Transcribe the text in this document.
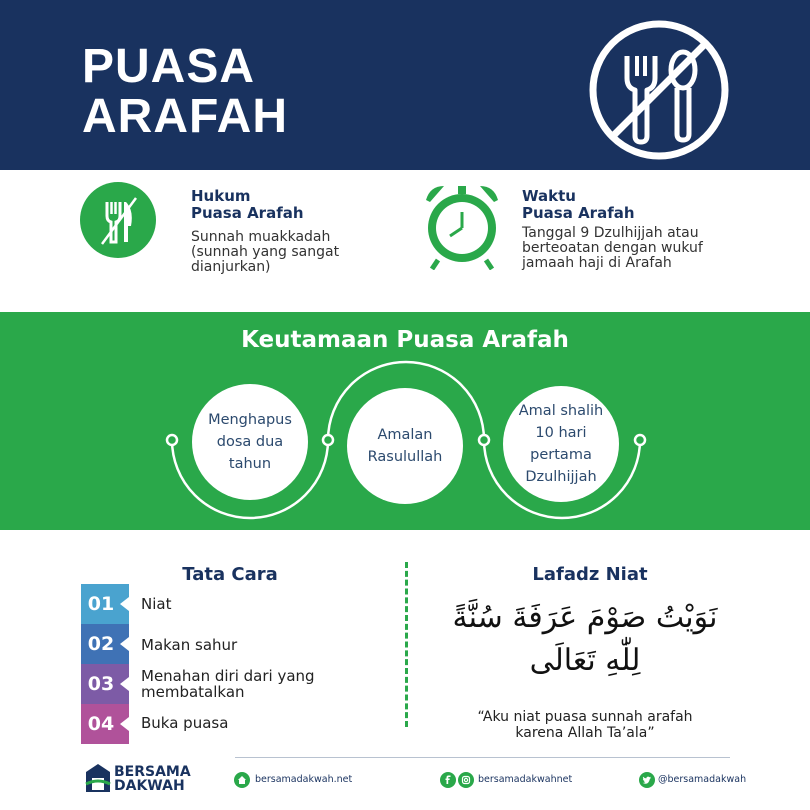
PUASA
ARAFAH
Hukum
Puasa Arafah
Sunnah muakkadah
(sunnah yang sangat
dianjurkan)
Waktu
Puasa Arafah
Tanggal 9 Dzulhijjah atau
berteoatan dengan wukuf
jamaah haji di Arafah
Keutamaan Puasa Arafah
Menghapus
dosa dua
tahun
Amalan
Rasulullah
Amal shalih
10 hari
pertama
Dzulhijjah
Tata Cara
01	Niat
02	Makan sahur
03	Menahan diri dari yang
membatalkan
04	Buka puasa
Lafadz Niat
نَوَيْتُ صَوْمَ عَرَفَةَ سُنَّةً
لِلّٰهِ تَعَالَى
“Aku niat puasa sunnah arafah
karena Allah Ta’ala”
BERSAMA
DAKWAH	bersamadakwah.net	bersamadakwahnet	@bersamadakwah
